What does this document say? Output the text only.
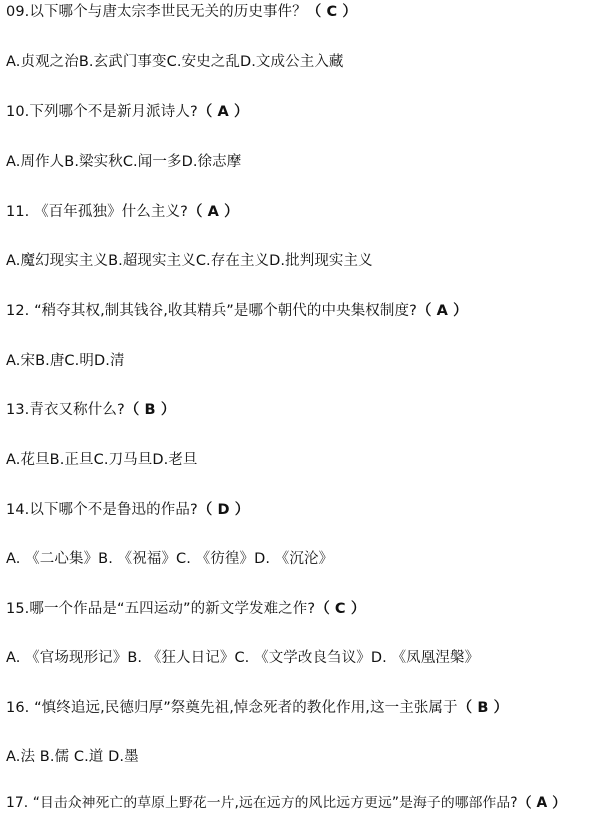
09.以下哪个与唐太宗李世民无关的历史事件？（ C ）
A.贞观之治B.玄武门事变C.安史之乱D.文成公主入藏
10.下列哪个不是新月派诗人?（ A ）
A.周作人B.梁实秋C.闻一多D.徐志摩
11. 《百年孤独》什么主义?（ A ）
A.魔幻现实主义B.超现实主义C.存在主义D.批判现实主义
12. “稍夺其权,制其钱谷,收其精兵”是哪个朝代的中央集权制度?（ A ）
A.宋B.唐C.明D.清
13.青衣又称什么?（ B ）
A.花旦B.正旦C.刀马旦D.老旦
14.以下哪个不是鲁迅的作品?（ D ）
A. 《二心集》B. 《祝福》C. 《彷徨》D. 《沉沦》
15.哪一个作品是“五四运动”的新文学发难之作?（ C ）
A. 《官场现形记》B. 《狂人日记》C. 《文学改良刍议》D. 《凤凰涅槃》
16. “慎终追远,民德归厚”祭奠先祖,悼念死者的教化作用,这一主张属于（ B ）
A.法 B.儒 C.道 D.墨
17. “目击众神死亡的草原上野花一片,远在远方的风比远方更远”是海子的哪部作品?（ A ）
